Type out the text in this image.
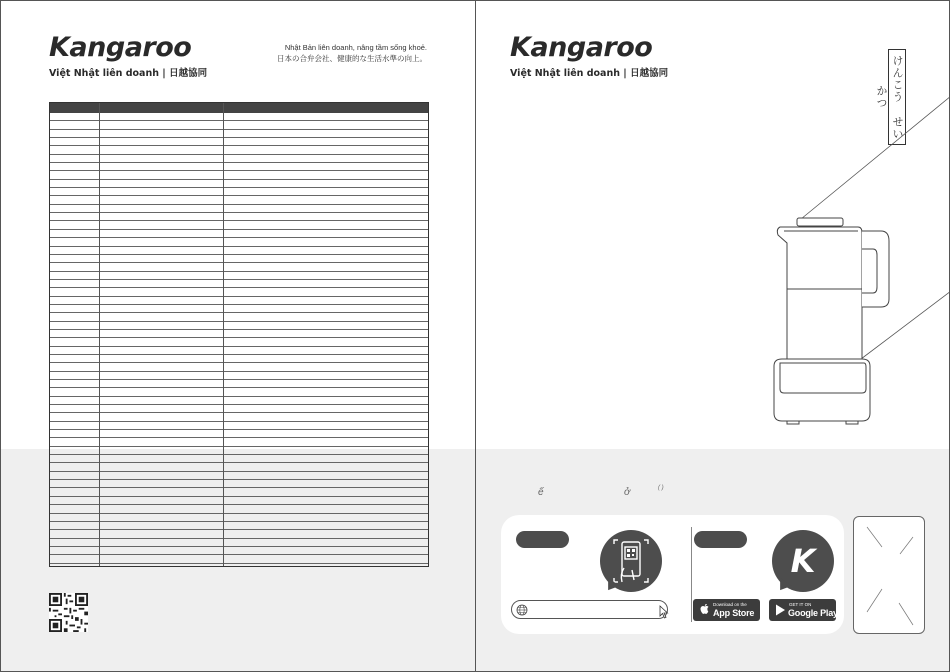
Kangaroo
Việt Nhật liên doanh | 日越協同
Nhật Bản liên doanh, nâng tầm sống khoẻ.
日本の合弁会社、健康的な生活水準の向上。	Kangaroo
Việt Nhật liên doanh | 日越協同	けんこう せいかつ
ế	ở	( )
K
Download on the
App Store
GET IT ON
Google Play
